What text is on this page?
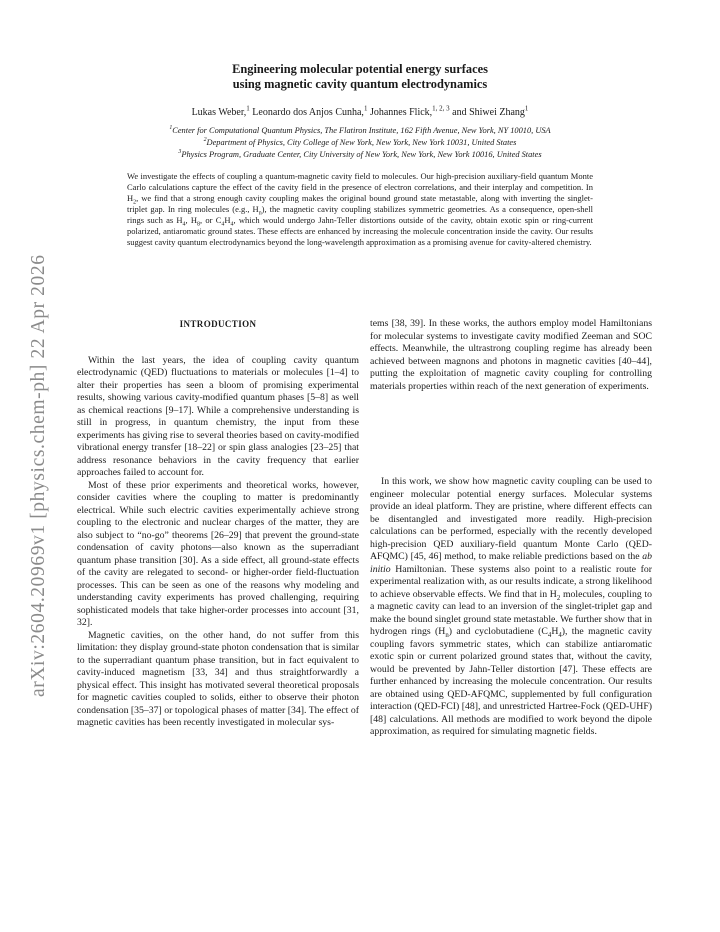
arXiv:2604.20969v1 [physics.chem-ph] 22 Apr 2026
Engineering molecular potential energy surfaces
using magnetic cavity quantum electrodynamics
Lukas Weber,$^1$ Leonardo dos Anjos Cunha,$^1$ Johannes Flick,$^{1, 2, 3}$ and Shiwei Zhang$^1$
$^1$Center for Computational Quantum Physics, The Flatiron Institute, 162 Fifth Avenue, New York, NY 10010, USA
$^2$Department of Physics, City College of New York, New York, New York 10031, United States
$^3$Physics Program, Graduate Center, City University of New York, New York, New York 10016, United States

We investigate the effects of coupling a quantum-magnetic cavity field to molecules. Our high-precision auxiliary-field quantum Monte Carlo calculations capture the effect of the cavity field in the presence of electron correlations, and their interplay and competition. In $H_2$, we find that a strong enough cavity coupling makes the original bound ground state metastable, along with inverting the singlet-triplet gap. In ring molecules (e.g., $H_n$), the magnetic cavity coupling stabilizes symmetric geometries. As a consequence, open-shell rings such as $H_4$, $H_8$, or $C_4H_4$, which would undergo Jahn-Teller distortions outside of the cavity, obtain exotic spin or ring-current polarized, antiaromatic ground states. These effects are enhanced by increasing the molecule concentration inside the cavity. Our results suggest cavity quantum electrodynamics beyond the long-wavelength approximation as a promising avenue for cavity-altered chemistry.

INTRODUCTION

Within the last years, the idea of coupling cavity quantum electrodynamic (QED) fluctuations to materials or molecules [1–4] to alter their properties has seen a bloom of promising experimental results, showing various cavity-modified quantum phases [5–8] as well as chemical reactions [9–17]. While a comprehensive understanding is still in progress, in quantum chemistry, the input from these experiments has giving rise to several theories based on cavity-modified vibrational energy transfer [18–22] or spin glass analogies [23–25] that address resonance behaviors in the cavity frequency that earlier approaches failed to account for.

Most of these prior experiments and theoretical works, however, consider cavities where the coupling to matter is predominantly electrical. While such electric cavities experimentally achieve strong coupling to the electronic and nuclear charges of the matter, they are also subject to “no-go” theorems [26–29] that prevent the ground-state condensation of cavity photons—also known as the superradiant quantum phase transition [30]. As a side effect, all ground-state effects of the cavity are relegated to second- or higher-order field-fluctuation processes. This can be seen as one of the reasons why modeling and understanding cavity experiments has proved challenging, requiring sophisticated models that take higher-order processes into account [31, 32].

Magnetic cavities, on the other hand, do not suffer from this limitation: they display ground-state photon condensation that is similar to the superradiant quantum phase transition, but in fact equivalent to cavity-induced magnetism [33, 34] and thus straightforwardly a physical effect. This insight has motivated several theoretical proposals for magnetic cavities coupled to solids, either to observe their photon condensation [35–37] or topological phases of matter [34]. The effect of magnetic cavities has been recently investigated in molecular sys-

tems [38, 39]. In these works, the authors employ model Hamiltonians for molecular systems to investigate cavity modified Zeeman and SOC effects. Meanwhile, the ultrastrong coupling regime has already been achieved between magnons and photons in magnetic cavities [40–44], putting the exploitation of magnetic cavity coupling for controlling materials properties within reach of the next generation of experiments.

In this work, we show how magnetic cavity coupling can be used to engineer molecular potential energy surfaces. Molecular systems provide an ideal platform. They are pristine, where different effects can be disentangled and investigated more readily. High-precision calculations can be performed, especially with the recently developed high-precision QED auxiliary-field quantum Monte Carlo (QED-AFQMC) [45, 46] method, to make reliable predictions based on the ab initio Hamiltonian. These systems also point to a realistic route for experimental realization with, as our results indicate, a strong likelihood to achieve observable effects. We find that in $H_2$ molecules, coupling to a magnetic cavity can lead to an inversion of the singlet-triplet gap and make the bound singlet ground state metastable. We further show that in hydrogen rings $(H_n)$ and cyclobutadiene $(C_4H_4)$, the magnetic cavity coupling favors symmetric states, which can stabilize antiaromatic exotic spin or current polarized ground states that, without the cavity, would be prevented by Jahn-Teller distortion [47]. These effects are further enhanced by increasing the molecule concentration. Our results are obtained using QED-AFQMC, supplemented by full configuration interaction (QED-FCI) [48], and unrestricted Hartree-Fock (QED-UHF) [48] calculations. All methods are modified to work beyond the dipole approximation, as required for simulating magnetic fields.
